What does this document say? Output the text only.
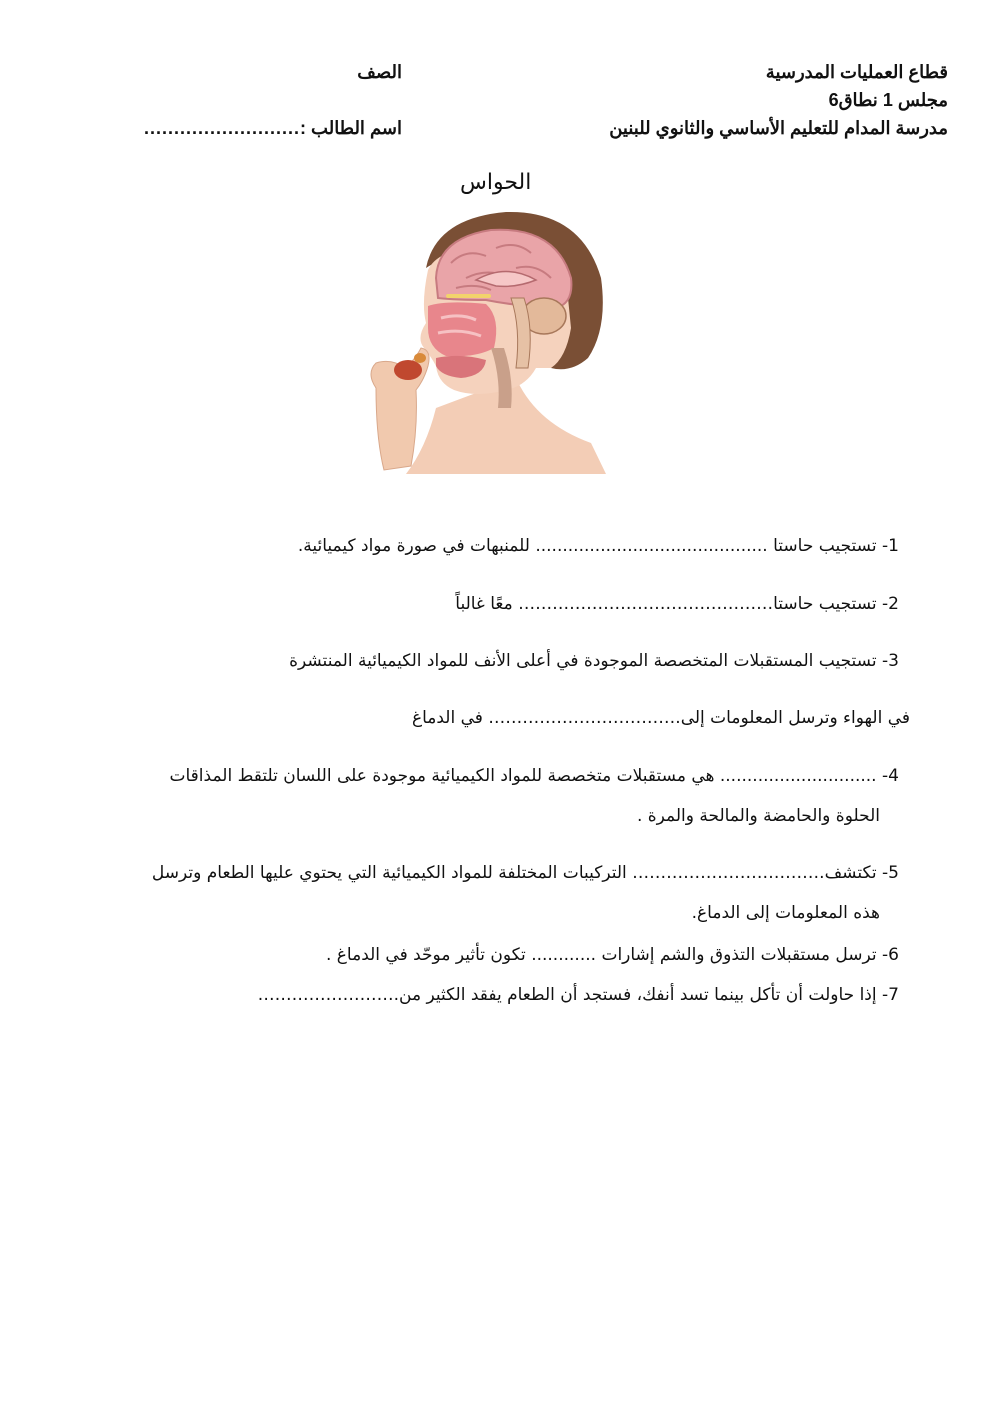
قطاع العمليات المدرسية
مجلس 1 نطاق6
مدرسة المدام للتعليم الأساسي والثانوي للبنين
الصف
اسم الطالب :
..........................
الحواس
1- تستجيب حاستا ........................................... للمنبهات في صورة مواد كيميائية.
2- تستجيب حاستا……………………………………… معًا غالباً
3- تستجيب المستقبلات المتخصصة الموجودة في أعلى الأنف للمواد الكيميائية المنتشرة
في الهواء وترسل المعلومات إلى.…………………………… في الدماغ
4- ............................. هي مستقبلات متخصصة للمواد الكيميائية موجودة على اللسان تلتقط المذاقات
الحلوة والحامضة والمالحة والمرة .
5- تكتشف.…………………………… التركيبات المختلفة للمواد الكيميائية التي يحتوي عليها الطعام وترسل
هذه المعلومات إلى الدماغ.
6- ترسل مستقبلات التذوق والشم إشارات ............ تكون تأثير موحّد في الدماغ .
7- إذا حاولت أن تأكل بينما تسد أنفك، فستجد أن الطعام يفقد الكثير من.……………………
